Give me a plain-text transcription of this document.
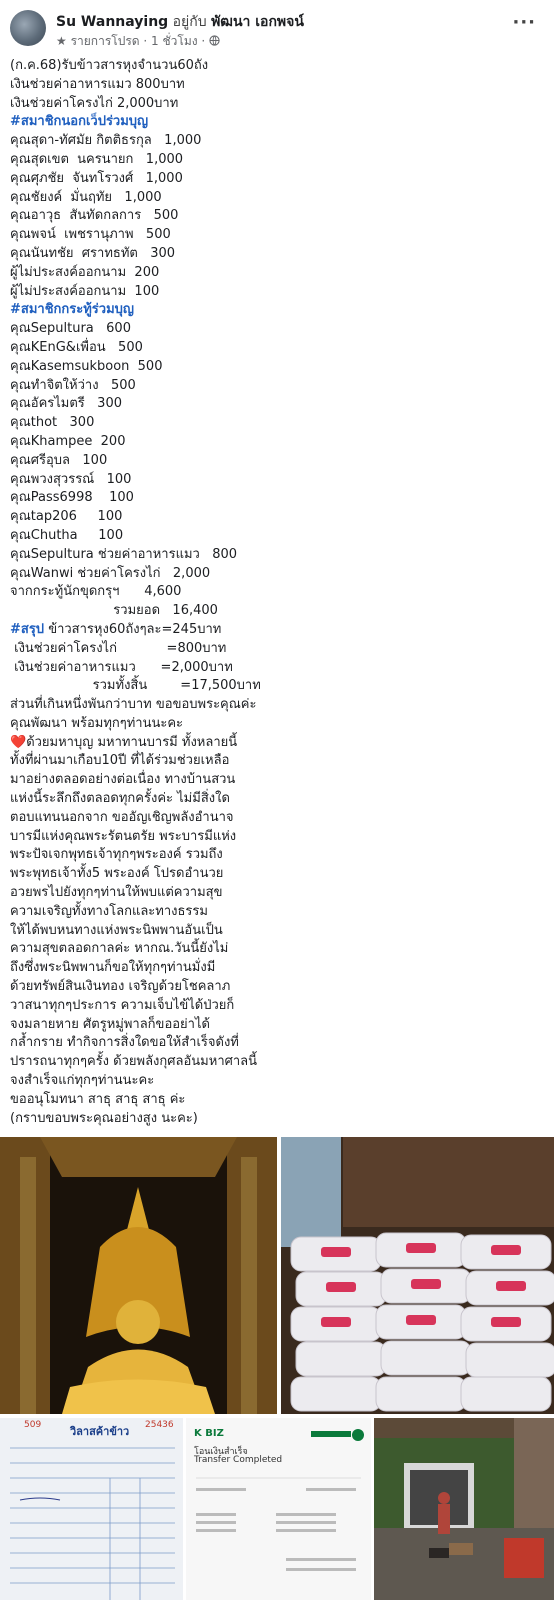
Su Wannaying อยู่กับ พัฒนา เอกพจน์
★ รายการโปรด · 1 ชั่วโมง ·
···
(ก.ค.68)รับข้าวสารหุงจำนวน60ถัง
เงินช่วยค่าอาหารแมว 800บาท
เงินช่วยค่าโครงไก่ 2,000บาท
#สมาชิกนอกเว็ปร่วมบุญ
คุณสุดา-ทัศมัย กิตติธรกุล   1,000
คุณสุดเขต  นครนายก   1,000
คุณศุภชัย  จันทโรวงศ์   1,000
คุณชัยงค์  มั่นฤทัย   1,000
คุณอาวุธ  สันทัดกลการ   500
คุณพจน์  เพชรานุภาพ   500
คุณนันทชัย  ศราทธทัต   300
ผู้ไม่ประสงค์ออกนาม  200
ผู้ไม่ประสงค์ออกนาม  100
#สมาชิกกระทู้ร่วมบุญ
คุณSepultura   600
คุณKEnG&เพื่อน   500
คุณKasemsukboon  500
คุณทำจิตให้ว่าง   500
คุณอัครไมตรี   300
คุณthot   300
คุณKhampee  200
คุณศรีอุบล   100
คุณพวงสุวรรณ์   100
คุณPass6998    100
คุณtap206     100
คุณChutha     100
คุณSepultura ช่วยค่าอาหารแมว   800
คุณWanwi ช่วยค่าโครงไก่   2,000
จากกระทู้นักขุดกรุฯ      4,600
รวมยอด   16,400
#สรุป ข้าวสารหุง60ถังๆละ=245บาท
เงินช่วยค่าโครงไก่            =800บาท
เงินช่วยค่าอาหารแมว      =2,000บาท
รวมทั้งสิ้น        =17,500บาท
ส่วนที่เกินหนึ่งพันกว่าบาท ขอขอบพระคุณค่ะ
คุณพัฒนา พร้อมทุกๆท่านนะคะ
❤️ด้วยมหาบุญ มหาทานบารมี ทั้งหลายนี้
ทั้งที่ผ่านมาเกือบ10ปี ที่ได้ร่วมช่วยเหลือ
มาอย่างตลอดอย่างต่อเนื่อง ทางบ้านสวน
แห่งนี้ระลึกถึงตลอดทุกครั้งค่ะ ไม่มีสิ่งใด
ตอบแทนนอกจาก ขออัญเชิญพลังอำนาจ
บารมีแห่งคุณพระรัตนตรัย พระบารมีแห่ง
พระปัจเจกพุทธเจ้าทุกๆพระองค์ รวมถึง
พระพุทธเจ้าทั้ง5 พระองค์ โปรดอำนวย
อวยพรไปยังทุกๆท่านให้พบแต่ความสุข
ความเจริญทั้งทางโลกและทางธรรม
ให้ได้พบหนทางแห่งพระนิพพานอันเป็น
ความสุขตลอดกาลค่ะ หากณ.วันนี้ยังไม่
ถึงซึ่งพระนิพพานก็ขอให้ทุกๆท่านมั่งมี
ด้วยทรัพย์สินเงินทอง เจริญด้วยโชคลาภ
วาสนาทุกๆประการ ความเจ็บไข้ได้ป่วยก็
จงมลายหาย ศัตรูหมู่พาลก็ขออย่าได้
กล้ำกราย ทำกิจการสิ่งใดขอให้สำเร็จดังที่
ปรารถนาทุกๆครั้ง ด้วยพลังกุศลอันมหาศาลนี้
จงสำเร็จแก่ทุกๆท่านนะคะ
ขออนุโมทนา สาธุ สาธุ สาธุ ค่ะ
(กราบขอบพระคุณอย่างสูง นะคะ)
509	วิลาสค้าข้าว 25436
K BIZ
โอนเงินสำเร็จ
Transfer Completed
